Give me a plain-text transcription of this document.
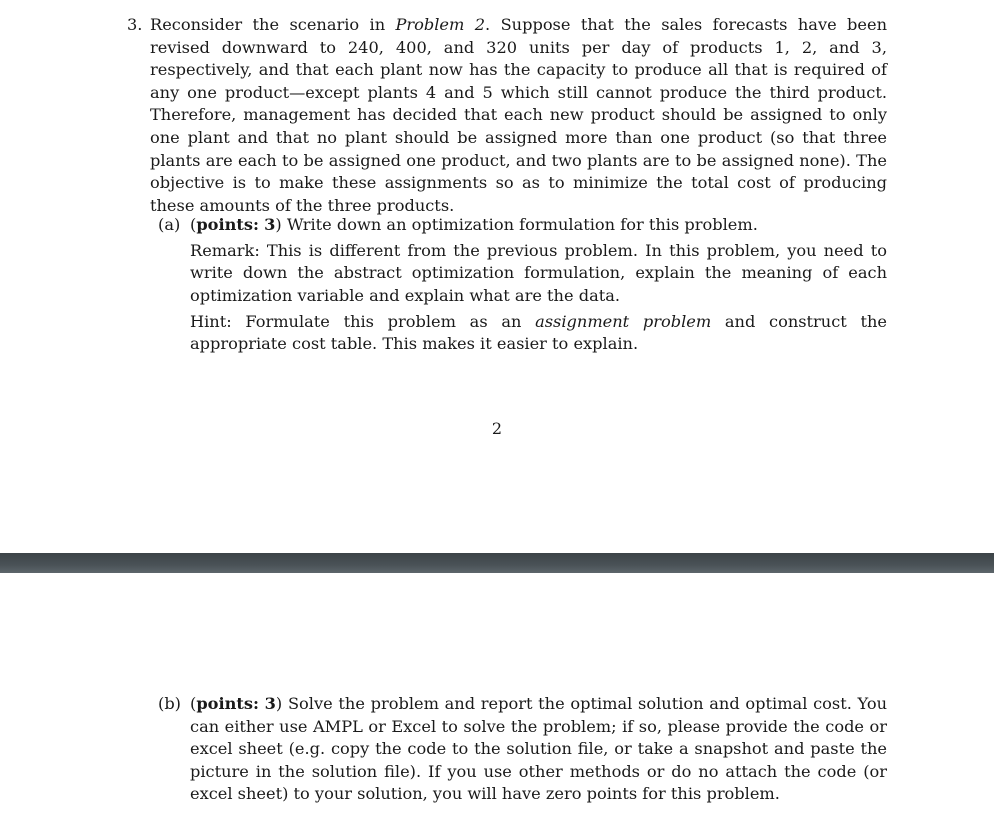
3. Reconsider the scenario in Problem 2. Suppose that the sales forecasts have been revised downward to 240, 400, and 320 units per day of products 1, 2, and 3, respectively, and that each plant now has the capacity to produce all that is required of any one product—except plants 4 and 5 which still cannot produce the third product. Therefore, management has decided that each new product should be assigned to only one plant and that no plant should be assigned more than one product (so that three plants are each to be assigned one product, and two plants are to be assigned none). The objective is to make these assignments so as to minimize the total cost of producing these amounts of the three products.
(a) (points: 3) Write down an optimization formulation for this problem.

Remark: This is different from the previous problem. In this problem, you need to write down the abstract optimization formulation, explain the meaning of each optimization variable and explain what are the data.

Hint: Formulate this problem as an assignment problem and construct the appropriate cost table. This makes it easier to explain.

2
(b) (points: 3) Solve the problem and report the optimal solution and optimal cost. You can either use AMPL or Excel to solve the problem; if so, please provide the code or excel sheet (e.g. copy the code to the solution file, or take a snapshot and paste the picture in the solution file). If you use other methods or do no attach the code (or excel sheet) to your solution, you will have zero points for this problem.
